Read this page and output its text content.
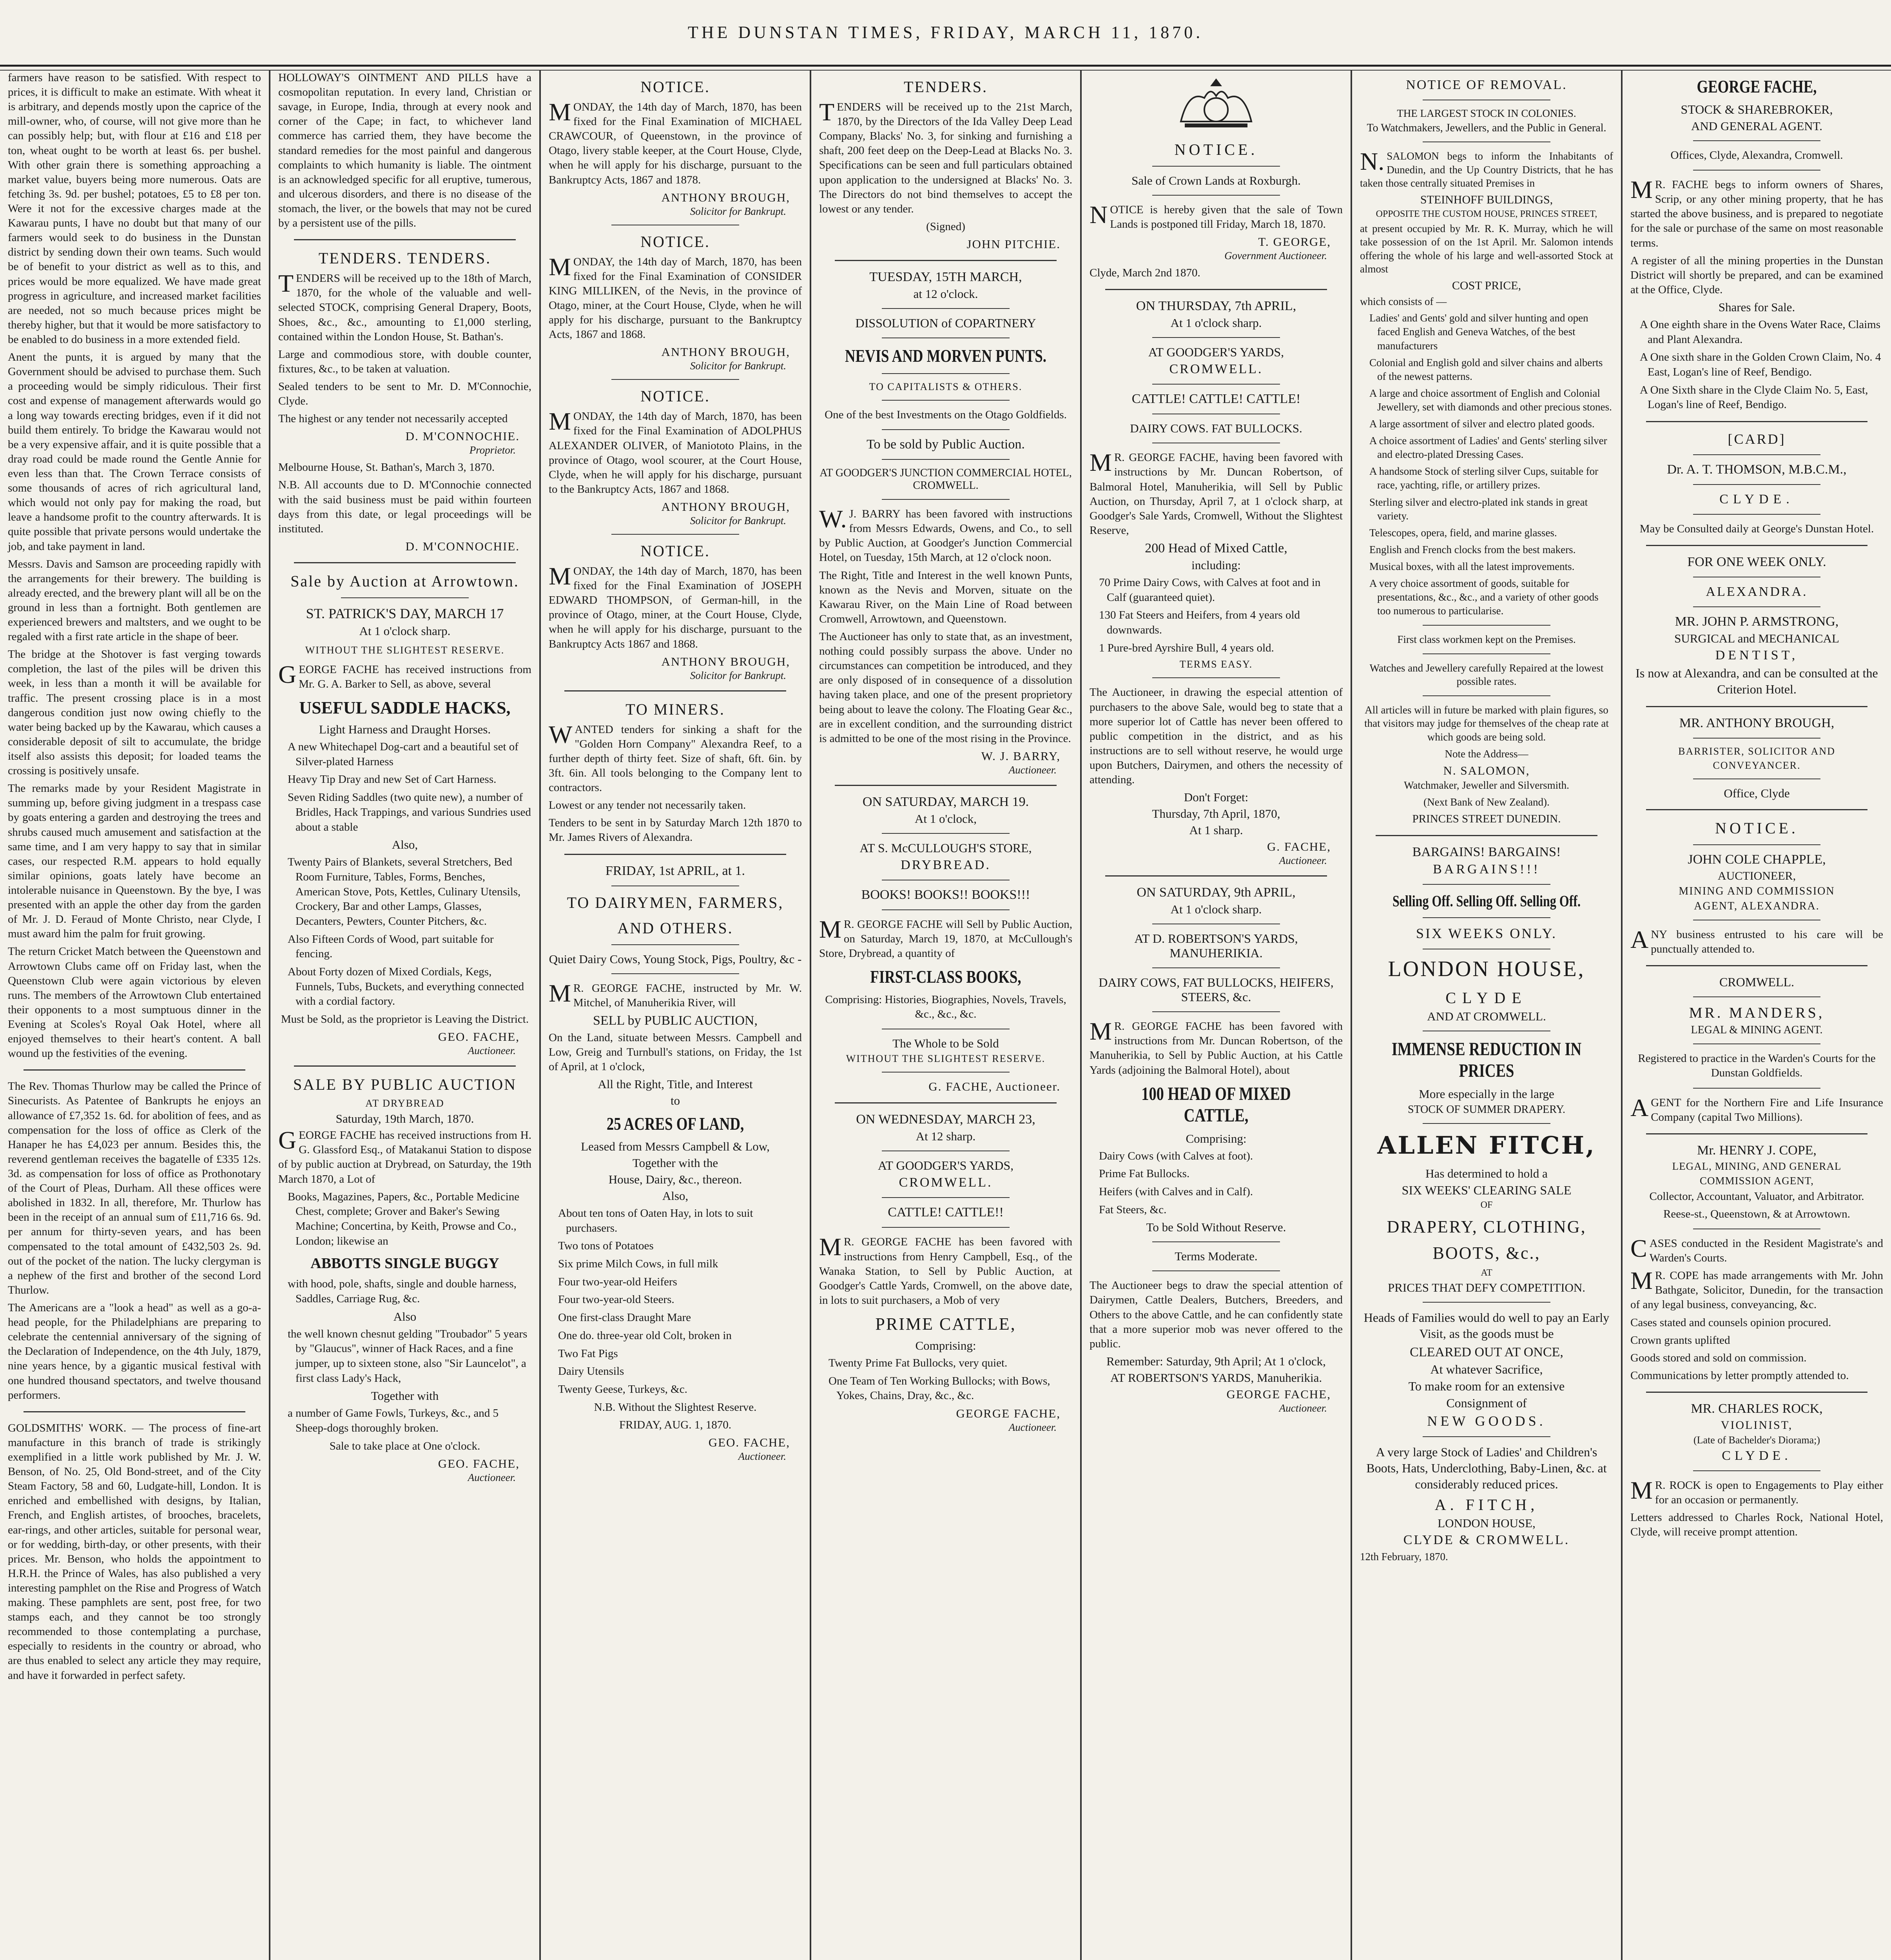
THE DUNSTAN TIMES, FRIDAY, MARCH 11, 1870.

farmers have reason to be satisfied. With respect to prices, it is difficult to make an estimate. With wheat it is arbitrary, and depends mostly upon the caprice of the mill-owner, who, of course, will not give more than he can possibly help; but, with flour at £16 and £18 per ton, wheat ought to be worth at least 6s. per bushel. With other grain there is something approaching a market value, buyers being more numerous. Oats are fetching 3s. 9d. per bushel; potatoes, £5 to £8 per ton. Were it not for the excessive charges made at the Kawarau punts, I have no doubt but that many of our farmers would seek to do business in the Dunstan district by sending down their own teams. Such would be of benefit to your district as well as to this, and prices would be more equalized. We have made great progress in agriculture, and increased market facilities are needed, not so much because prices might be thereby higher, but that it would be more satisfactory to be enabled to do business in a more extended field.

Anent the punts, it is argued by many that the Government should be advised to purchase them. Such a proceeding would be simply ridiculous. Their first cost and expense of management afterwards would go a long way towards erecting bridges, even if it did not build them entirely. To bridge the Kawarau would not be a very expensive affair, and it is quite possible that a dray road could be made round the Gentle Annie for even less than that. The Crown Terrace consists of some thousands of acres of rich agricultural land, which would not only pay for making the road, but leave a handsome profit to the country afterwards. It is quite possible that private persons would undertake the job, and take payment in land.

Messrs. Davis and Samson are proceeding rapidly with the arrangements for their brewery. The building is already erected, and the brewery plant will all be on the ground in less than a fortnight. Both gentlemen are experienced brewers and maltsters, and we ought to be regaled with a first rate article in the shape of beer.

The bridge at the Shotover is fast verging towards completion, the last of the piles will be driven this week, in less than a month it will be available for traffic. The present crossing place is in a most dangerous condition just now owing chiefly to the water being backed up by the Kawarau, which causes a considerable deposit of silt to accumulate, the bridge itself also assists this deposit; for loaded teams the crossing is positively unsafe.

The remarks made by your Resident Magistrate in summing up, before giving judgment in a trespass case by goats entering a garden and destroying the trees and shrubs caused much amusement and satisfaction at the same time, and I am very happy to say that in similar cases, our respected R.M. appears to hold equally similar opinions, goats lately have become an intolerable nuisance in Queenstown. By the bye, I was presented with an apple the other day from the garden of Mr. J. D. Feraud of Monte Christo, near Clyde, I must award him the palm for fruit growing.

The return Cricket Match between the Queenstown and Arrowtown Clubs came off on Friday last, when the Queenstown Club were again victorious by eleven runs. The members of the Arrowtown Club entertained their opponents to a most sumptuous dinner in the Evening at Scoles's Royal Oak Hotel, where all enjoyed themselves to their heart's content. A ball wound up the festivities of the evening.

The Rev. Thomas Thurlow may be called the Prince of Sinecurists. As Patentee of Bankrupts he enjoys an allowance of £7,352 1s. 6d. for abolition of fees, and as compensation for the loss of office as Clerk of the Hanaper he has £4,023 per annum. Besides this, the reverend gentleman receives the bagatelle of £335 12s. 3d. as compensation for loss of office as Prothonotary of the Court of Pleas, Durham. All these offices were abolished in 1832. In all, therefore, Mr. Thurlow has been in the receipt of an annual sum of £11,716 6s. 9d. per annum for thirty-seven years, and has been compensated to the total amount of £432,503 2s. 9d. out of the pocket of the nation. The lucky clergyman is a nephew of the first and brother of the second Lord Thurlow.

The Americans are a "look a head" as well as a go-a-head people, for the Philadelphians are preparing to celebrate the centennial anniversary of the signing of the Declaration of Independence, on the 4th July, 1879, nine years hence, by a gigantic musical festival with one hundred thousand spectators, and twelve thousand performers.

GOLDSMITHS' WORK. — The process of fine-art manufacture in this branch of trade is strikingly exemplified in a little work published by Mr. J. W. Benson, of No. 25, Old Bond-street, and of the City Steam Factory, 58 and 60, Ludgate-hill, London. It is enriched and embellished with designs, by Italian, French, and English artistes, of brooches, bracelets, ear-rings, and other articles, suitable for personal wear, or for wedding, birth-day, or other presents, with their prices. Mr. Benson, who holds the appointment to H.R.H. the Prince of Wales, has also published a very interesting pamphlet on the Rise and Progress of Watch making. These pamphlets are sent, post free, for two stamps each, and they cannot be too strongly recommended to those contemplating a purchase, especially to residents in the country or abroad, who are thus enabled to select any article they may require, and have it forwarded in perfect safety.

HOLLOWAY'S OINTMENT AND PILLS have a cosmopolitan reputation. In every land, Christian or savage, in Europe, India, through at every nook and corner of the Cape; in fact, to whichever land commerce has carried them, they have become the standard remedies for the most painful and dangerous complaints to which humanity is liable. The ointment is an acknowledged specific for all eruptive, tumerous, and ulcerous disorders, and there is no disease of the stomach, the liver, or the bowels that may not be cured by a persistent use of the pills.

TENDERS. TENDERS.

TENDERS will be received up to the 18th of March, 1870, for the whole of the valuable and well-selected STOCK, comprising General Drapery, Boots, Shoes, &c., &c., amounting to £1,000 sterling, contained within the London House, St. Bathan's.

Large and commodious store, with double counter, fixtures, &c., to be taken at valuation.

Sealed tenders to be sent to Mr. D. M'Connochie, Clyde.

The highest or any tender not necessarily accepted

D. M'CONNOCHIE.
Proprietor.

Melbourne House, St. Bathan's, March 3, 1870.

N.B. All accounts due to D. M'Connochie connected with the said business must be paid within fourteen days from this date, or legal proceedings will be instituted.

D. M'CONNOCHIE.
Sale by Auction at Arrowtown.
ST. PATRICK'S DAY, MARCH 17
At 1 o'clock sharp.
WITHOUT THE SLIGHTEST RESERVE.

GEORGE FACHE has received instructions from Mr. G. A. Barker to Sell, as above, several

USEFUL SADDLE HACKS,
Light Harness and Draught Horses.
A new Whitechapel Dog-cart and a beautiful set of Silver-plated Harness
Heavy Tip Dray and new Set of Cart Harness.
Seven Riding Saddles (two quite new), a number of Bridles, Hack Trappings, and various Sundries used about a stable
Also,
Twenty Pairs of Blankets, several Stretchers, Bed Room Furniture, Tables, Forms, Benches, American Stove, Pots, Kettles, Culinary Utensils, Crockery, Bar and other Lamps, Glasses, Decanters, Pewters, Counter Pitchers, &c.
Also Fifteen Cords of Wood, part suitable for fencing.
About Forty dozen of Mixed Cordials, Kegs, Funnels, Tubs, Buckets, and everything connected with a cordial factory.

Must be Sold, as the proprietor is Leaving the District.

GEO. FACHE,
Auctioneer.
SALE BY PUBLIC AUCTION
AT DRYBREAD
Saturday, 19th March, 1870.

GEORGE FACHE has received instructions from H. G. Glassford Esq., of Matakanui Station to dispose of by public auction at Drybread, on Saturday, the 19th March 1870, a Lot of

Books, Magazines, Papers, &c., Portable Medicine Chest, complete; Grover and Baker's Sewing Machine; Concertina, by Keith, Prowse and Co., London; likewise an
ABBOTTS SINGLE BUGGY
with hood, pole, shafts, single and double harness, Saddles, Carriage Rug, &c.
Also
the well known chesnut gelding "Troubador" 5 years by "Glaucus", winner of Hack Races, and a fine jumper, up to sixteen stone, also "Sir Launcelot", a first class Lady's Hack,
Together with
a number of Game Fowls, Turkeys, &c., and 5 Sheep-dogs thoroughly broken.

Sale to take place at One o'clock.

GEO. FACHE,
Auctioneer.
NOTICE.

MONDAY, the 14th day of March, 1870, has been fixed for the Final Examination of MICHAEL CRAWCOUR, of Queenstown, in the province of Otago, livery stable keeper, at the Court House, Clyde, when he will apply for his discharge, pursuant to the Bankruptcy Acts, 1867 and 1878.

ANTHONY BROUGH,
Solicitor for Bankrupt.
NOTICE.

MONDAY, the 14th day of March, 1870, has been fixed for the Final Examination of CONSIDER KING MILLIKEN, of the Nevis, in the province of Otago, miner, at the Court House, Clyde, when he will apply for his discharge, pursuant to the Bankruptcy Acts, 1867 and 1868.

ANTHONY BROUGH,
Solicitor for Bankrupt.
NOTICE.

MONDAY, the 14th day of March, 1870, has been fixed for the Final Examination of ADOLPHUS ALEXANDER OLIVER, of Maniototo Plains, in the province of Otago, wool scourer, at the Court House, Clyde, when he will apply for his discharge, pursuant to the Bankruptcy Acts, 1867 and 1868.

ANTHONY BROUGH,
Solicitor for Bankrupt.
NOTICE.

MONDAY, the 14th day of March, 1870, has been fixed for the Final Examination of JOSEPH EDWARD THOMPSON, of German-hill, in the province of Otago, miner, at the Court House, Clyde, when he will apply for his discharge, pursuant to the Bankruptcy Acts 1867 and 1868.

ANTHONY BROUGH,
Solicitor for Bankrupt.
TO MINERS.

WANTED tenders for sinking a shaft for the "Golden Horn Company" Alexandra Reef, to a further depth of thirty feet. Size of shaft, 6ft. 6in. by 3ft. 6in. All tools belonging to the Company lent to contractors.

Lowest or any tender not necessarily taken.

Tenders to be sent in by Saturday March 12th 1870 to Mr. James Rivers of Alexandra.

FRIDAY, 1st APRIL, at 1.
TO DAIRYMEN, FARMERS,
AND OTHERS.
Quiet Dairy Cows, Young Stock, Pigs, Poultry, &c -

MR. GEORGE FACHE, instructed by Mr. W. Mitchel, of Manuherikia River, will

SELL by PUBLIC AUCTION,

On the Land, situate between Messrs. Campbell and Low, Greig and Turnbull's stations, on Friday, the 1st of April, at 1 o'clock,

All the Right, Title, and Interest
to
25 ACRES OF LAND,
Leased from Messrs Campbell & Low,
Together with the
House, Dairy, &c., thereon.
Also,
About ten tons of Oaten Hay, in lots to suit purchasers.
Two tons of Potatoes
Six prime Milch Cows, in full milk
Four two-year-old Heifers
Four two-year-old Steers.
One first-class Draught Mare
One do. three-year old Colt, broken in
Two Fat Pigs
Dairy Utensils
Twenty Geese, Turkeys, &c.

N.B. Without the Slightest Reserve.

FRIDAY, AUG. 1, 1870.

GEO. FACHE,
Auctioneer.
TENDERS.

TENDERS will be received up to the 21st March, 1870, by the Directors of the Ida Valley Deep Lead Company, Blacks' No. 3, for sinking and furnishing a shaft, 200 feet deep on the Deep-Lead at Blacks No. 3. Specifications can be seen and full particulars obtained upon application to the undersigned at Blacks' No. 3. The Directors do not bind themselves to accept the lowest or any tender.

(Signed)

JOHN PITCHIE.
TUESDAY, 15TH MARCH,
at 12 o'clock.
DISSOLUTION of COPARTNERY
NEVIS AND MORVEN PUNTS.
TO CAPITALISTS & OTHERS.

One of the best Investments on the Otago Goldfields.

To be sold by Public Auction.
AT GOODGER'S JUNCTION COMMERCIAL HOTEL, CROMWELL.

W.J. BARRY has been favored with instructions from Messrs Edwards, Owens, and Co., to sell by Public Auction, at Goodger's Junction Commercial Hotel, on Tuesday, 15th March, at 12 o'clock noon.

The Right, Title and Interest in the well known Punts, known as the Nevis and Morven, situate on the Kawarau River, on the Main Line of Road between Cromwell, Arrowtown, and Queenstown.

The Auctioneer has only to state that, as an investment, nothing could possibly surpass the above. Under no circumstances can competition be introduced, and they are only disposed of in consequence of a dissolution having taken place, and one of the present proprietory being about to leave the colony. The Floating Gear &c., are in excellent condition, and the surrounding district is admitted to be one of the most rising in the Province.

W. J. BARRY,
Auctioneer.
ON SATURDAY, MARCH 19.
At 1 o'clock,
AT S. McCULLOUGH'S STORE,
DRYBREAD.
BOOKS! BOOKS!! BOOKS!!!

MR. GEORGE FACHE will Sell by Public Auction, on Saturday, March 19, 1870, at McCullough's Store, Drybread, a quantity of

FIRST-CLASS BOOKS,

Comprising: Histories, Biographies, Novels, Travels, &c., &c., &c.

The Whole to be Sold
WITHOUT THE SLIGHTEST RESERVE.
G. FACHE, Auctioneer.
ON WEDNESDAY, MARCH 23,
At 12 sharp.
AT GOODGER'S YARDS,
CROMWELL.
CATTLE! CATTLE!!

MR. GEORGE FACHE has been favored with instructions from Henry Campbell, Esq., of the Wanaka Station, to Sell by Public Auction, at Goodger's Cattle Yards, Cromwell, on the above date, in lots to suit purchasers, a Mob of very

PRIME CATTLE,
Comprising:
Twenty Prime Fat Bullocks, very quiet.
One Team of Ten Working Bullocks; with Bows, Yokes, Chains, Dray, &c., &c.
GEORGE FACHE,
Auctioneer.
NOTICE.
Sale of Crown Lands at Roxburgh.

NOTICE is hereby given that the sale of Town Lands is postponed till Friday, March 18, 1870.

T. GEORGE,
Government Auctioneer.

Clyde, March 2nd 1870.

ON THURSDAY, 7th APRIL,
At 1 o'clock sharp.
AT GOODGER'S YARDS,
CROMWELL.
CATTLE! CATTLE! CATTLE!
DAIRY COWS. FAT BULLOCKS.

MR. GEORGE FACHE, having been favored with instructions by Mr. Duncan Robertson, of Balmoral Hotel, Manuherikia, will Sell by Public Auction, on Thursday, April 7, at 1 o'clock sharp, at Goodger's Sale Yards, Cromwell, Without the Slightest Reserve,

200 Head of Mixed Cattle,
including:
70 Prime Dairy Cows, with Calves at foot and in Calf (guaranteed quiet).
130 Fat Steers and Heifers, from 4 years old downwards.
1 Pure-bred Ayrshire Bull, 4 years old.
TERMS EASY.

The Auctioneer, in drawing the especial attention of purchasers to the above Sale, would beg to state that a more superior lot of Cattle has never been offered to public competition in the district, and as his instructions are to sell without reserve, he would urge upon Butchers, Dairymen, and others the necessity of attending.

Don't Forget:
Thursday, 7th April, 1870,
At 1 sharp.
G. FACHE,
Auctioneer.
ON SATURDAY, 9th APRIL,
At 1 o'clock sharp.
AT D. ROBERTSON'S YARDS, MANUHERIKIA.
DAIRY COWS, FAT BULLOCKS, HEIFERS, STEERS, &c.

MR. GEORGE FACHE has been favored with instructions from Mr. Duncan Robertson, of the Manuherikia, to Sell by Public Auction, at his Cattle Yards (adjoining the Balmoral Hotel), about

100 HEAD OF MIXED CATTLE,
Comprising:
Dairy Cows (with Calves at foot).
Prime Fat Bullocks.
Heifers (with Calves and in Calf).
Fat Steers, &c.
To be Sold Without Reserve.
Terms Moderate.

The Auctioneer begs to draw the special attention of Dairymen, Cattle Dealers, Butchers, Breeders, and Others to the above Cattle, and he can confidently state that a more superior mob was never offered to the public.

Remember: Saturday, 9th April; At 1 o'clock,
AT ROBERTSON'S YARDS, Manuherikia.
GEORGE FACHE,
Auctioneer.
NOTICE OF REMOVAL.
THE LARGEST STOCK IN COLONIES.
To Watchmakers, Jewellers, and the Public in General.

N.SALOMON begs to inform the Inhabitants of Dunedin, and the Up Country Districts, that he has taken those centrally situated Premises in

STEINHOFF BUILDINGS,
OPPOSITE THE CUSTOM HOUSE, PRINCES STREET,

at present occupied by Mr. R. K. Murray, which he will take possession of on the 1st April. Mr. Salomon intends offering the whole of his large and well-assorted Stock at almost

COST PRICE,

which consists of —

Ladies' and Gents' gold and silver hunting and open faced English and Geneva Watches, of the best manufacturers
Colonial and English gold and silver chains and alberts of the newest patterns.
A large and choice assortment of English and Colonial Jewellery, set with diamonds and other precious stones.
A large assortment of silver and electro plated goods.
A choice assortment of Ladies' and Gents' sterling silver and electro-plated Dressing Cases.
A handsome Stock of sterling silver Cups, suitable for race, yachting, rifle, or artillery prizes.
Sterling silver and electro-plated ink stands in great variety.
Telescopes, opera, field, and marine glasses.
English and French clocks from the best makers.
Musical boxes, with all the latest improvements.
A very choice assortment of goods, suitable for presentations, &c., &c., and a variety of other goods too numerous to particularise.

First class workmen kept on the Premises.

Watches and Jewellery carefully Repaired at the lowest possible rates.

All articles will in future be marked with plain figures, so that visitors may judge for themselves of the cheap rate at which goods are being sold.

Note the Address—

N. SALOMON,

Watchmaker, Jeweller and Silversmith.

(Next Bank of New Zealand).

PRINCES STREET DUNEDIN.

BARGAINS! BARGAINS!
BARGAINS!!!
Selling Off. Selling Off. Selling Off.
SIX WEEKS ONLY.
LONDON HOUSE,
CLYDE
AND AT CROMWELL.
IMMENSE REDUCTION IN PRICES
More especially in the large
STOCK OF SUMMER DRAPERY.
ALLEN FITCH,
Has determined to hold a
SIX WEEKS' CLEARING SALE
OF
DRAPERY, CLOTHING,
BOOTS, &c.,
AT
PRICES THAT DEFY COMPETITION.

Heads of Families would do well to pay an Early Visit, as the goods must be

CLEARED OUT AT ONCE,
At whatever Sacrifice,
To make room for an extensive
Consignment of
NEW GOODS.

A very large Stock of Ladies' and Children's Boots, Hats, Underclothing, Baby-Linen, &c. at considerably reduced prices.

A. FITCH,
LONDON HOUSE,
CLYDE & CROMWELL.

12th February, 1870.

GEORGE FACHE,
STOCK & SHAREBROKER,
AND GENERAL AGENT.

Offices, Clyde, Alexandra, Cromwell.

MR. FACHE begs to inform owners of Shares, Scrip, or any other mining property, that he has started the above business, and is prepared to negotiate for the sale or purchase of the same on most reasonable terms.

A register of all the mining properties in the Dunstan District will shortly be prepared, and can be examined at the Office, Clyde.

Shares for Sale.
A One eighth share in the Ovens Water Race, Claims and Plant Alexandra.
A One sixth share in the Golden Crown Claim, No. 4 East, Logan's line of Reef, Bendigo.
A One Sixth share in the Clyde Claim No. 5, East, Logan's line of Reef, Bendigo.
[CARD]
Dr. A. T. THOMSON, M.B.C.M.,
CLYDE.

May be Consulted daily at George's Dunstan Hotel.

FOR ONE WEEK ONLY.
ALEXANDRA.
MR. JOHN P. ARMSTRONG,
SURGICAL and MECHANICAL
DENTIST,

Is now at Alexandra, and can be consulted at the Criterion Hotel.

MR. ANTHONY BROUGH,
BARRISTER, SOLICITOR AND
CONVEYANCER.
Office, Clyde
NOTICE.
JOHN COLE CHAPPLE,
AUCTIONEER,
MINING AND COMMISSION
AGENT, ALEXANDRA.

ANY business entrusted to his care will be punctually attended to.

CROMWELL.
MR. MANDERS,
LEGAL & MINING AGENT.

Registered to practice in the Warden's Courts for the Dunstan Goldfields.

AGENT for the Northern Fire and Life Insurance Company (capital Two Millions).

Mr. HENRY J. COPE,
LEGAL, MINING, AND GENERAL
COMMISSION AGENT,

Collector, Accountant, Valuator, and Arbitrator.

Reese-st., Queenstown, & at Arrowtown.

CASES conducted in the Resident Magistrate's and Warden's Courts.

MR. COPE has made arrangements with Mr. John Bathgate, Solicitor, Dunedin, for the transaction of any legal business, conveyancing, &c.

Cases stated and counsels opinion procured.

Crown grants uplifted

Goods stored and sold on commission.

Communications by letter promptly attended to.

MR. CHARLES ROCK,
VIOLINIST,
(Late of Bachelder's Diorama;)
CLYDE.

MR. ROCK is open to Engagements to Play either for an occasion or permanently.

Letters addressed to Charles Rock, National Hotel, Clyde, will receive prompt attention.
